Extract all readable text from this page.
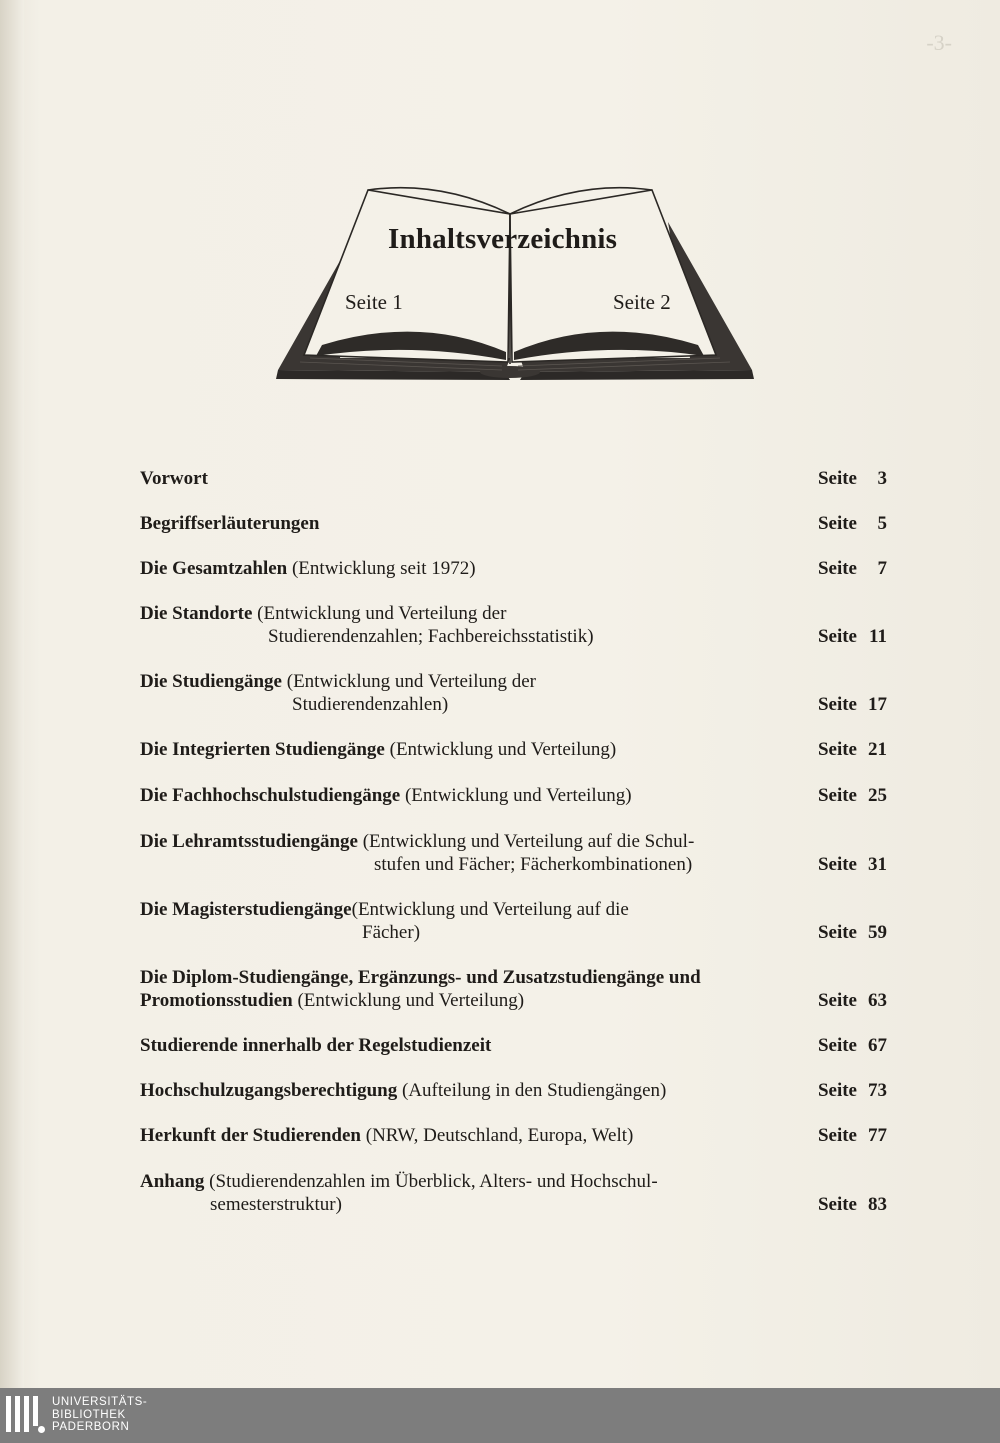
-3-
Inhaltsverzeichnis
Seite 1	Seite 2
Vorwort	Seite 3
Begriffserläuterungen	Seite 5
Die Gesamtzahlen (Entwicklung seit 1972)	Seite 7
Die Standorte (Entwicklung und Verteilung der
Studierendenzahlen; Fachbereichsstatistik)	Seite 11
Die Studiengänge (Entwicklung und Verteilung der
Studierendenzahlen)	Seite 17
Die Integrierten Studiengänge (Entwicklung und Verteilung)	Seite 21
Die Fachhochschulstudiengänge (Entwicklung und Verteilung)	Seite 25
Die Lehramtsstudiengänge (Entwicklung und Verteilung auf die Schul-
stufen und Fächer; Fächerkombinationen)	Seite 31
Die Magisterstudiengänge(Entwicklung und Verteilung auf die
Fächer)	Seite 59
Die Diplom-Studiengänge, Ergänzungs- und Zusatzstudiengänge und
Promotionsstudien (Entwicklung und Verteilung)	Seite 63
Studierende innerhalb der Regelstudienzeit	Seite 67
Hochschulzugangsberechtigung (Aufteilung in den Studiengängen)	Seite 73
Herkunft der Studierenden (NRW, Deutschland, Europa, Welt)	Seite 77
Anhang (Studierendenzahlen im Überblick, Alters- und Hochschul-
semesterstruktur)	Seite 83
UNIVERSITÄTS-
BIBLIOTHEK
PADERBORN
